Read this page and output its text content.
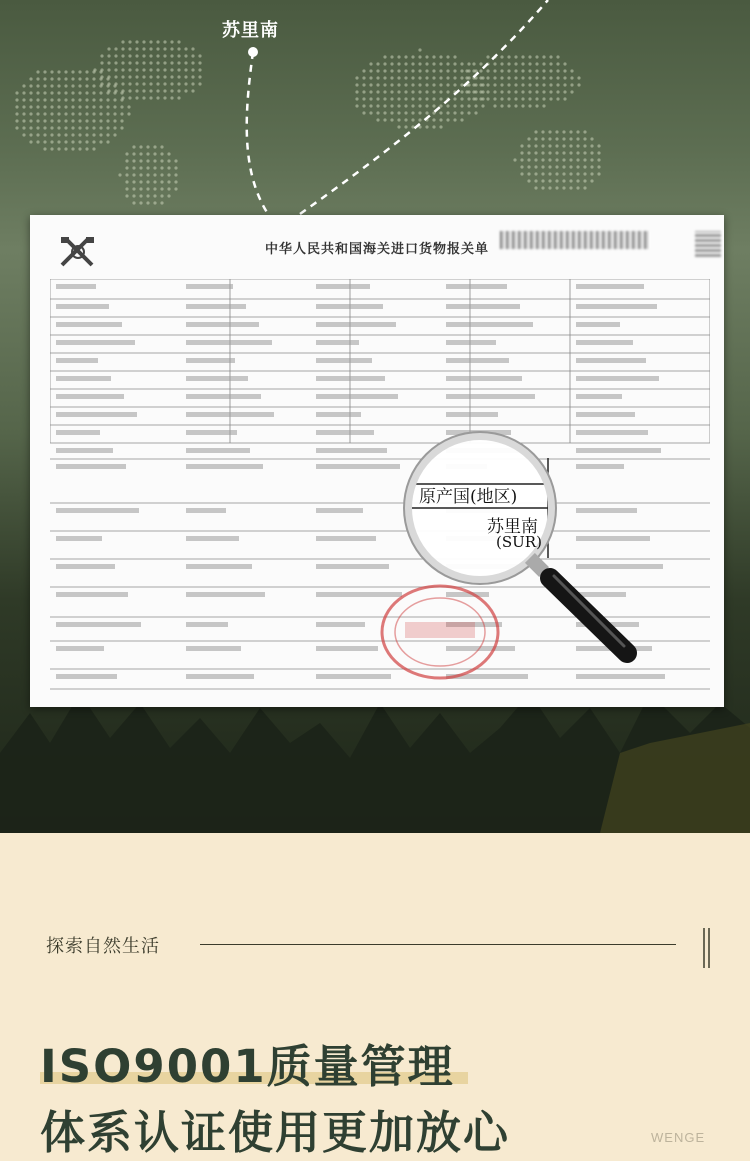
苏里南
中华人民共和国海关进口货物报关单
原产国(地区)
苏里南
(SUR)
探索自然生活
ISO9001质量管理
体系认证使用更加放心	WENGE
